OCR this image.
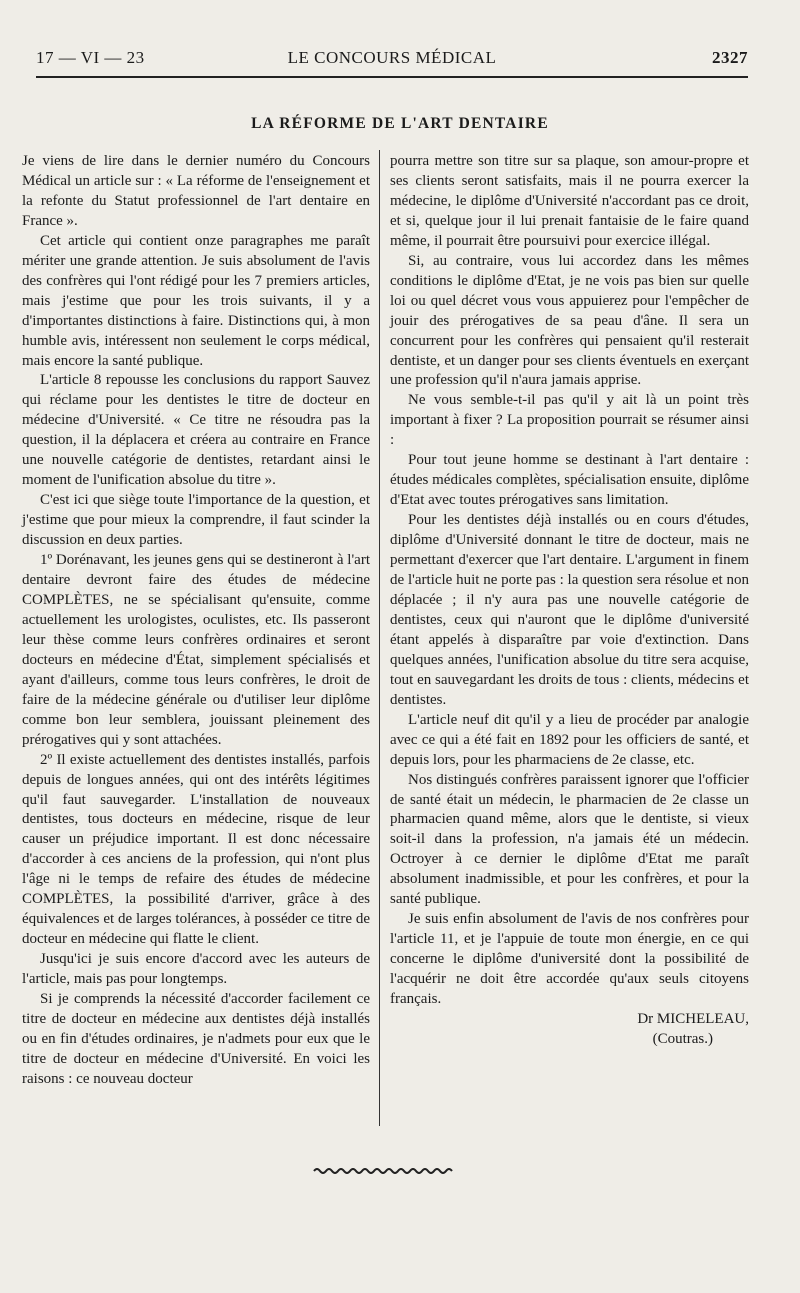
17 — VI — 23	LE CONCOURS MÉDICAL	2327
LA RÉFORME DE L'ART DENTAIRE

Je viens de lire dans le dernier numéro du Concours Médical un article sur : « La réforme de l'enseignement et la refonte du Statut professionnel de l'art dentaire en France ».

Cet article qui contient onze paragraphes me paraît mériter une grande attention. Je suis absolument de l'avis des confrères qui l'ont rédigé pour les 7 premiers articles, mais j'estime que pour les trois suivants, il y a d'importantes distinctions à faire. Distinctions qui, à mon humble avis, intéressent non seulement le corps médical, mais encore la santé publique.

L'article 8 repousse les conclusions du rapport Sauvez qui réclame pour les dentistes le titre de docteur en médecine d'Université. « Ce titre ne résoudra pas la question, il la déplacera et créera au contraire en France une nouvelle catégorie de dentistes, retardant ainsi le moment de l'unification absolue du titre ».

C'est ici que siège toute l'importance de la question, et j'estime que pour mieux la comprendre, il faut scinder la discussion en deux parties.

1º Dorénavant, les jeunes gens qui se destineront à l'art dentaire devront faire des études de médecine COMPLÈTES, ne se spécialisant qu'ensuite, comme actuellement les urologistes, oculistes, etc. Ils passeront leur thèse comme leurs confrères ordinaires et seront docteurs en médecine d'État, simplement spécialisés et ayant d'ailleurs, comme tous leurs confrères, le droit de faire de la médecine générale ou d'utiliser leur diplôme comme bon leur semblera, jouissant pleinement des prérogatives qui y sont attachées.

2º Il existe actuellement des dentistes installés, parfois depuis de longues années, qui ont des intérêts légitimes qu'il faut sauvegarder. L'installation de nouveaux dentistes, tous docteurs en médecine, risque de leur causer un préjudice important. Il est donc nécessaire d'accorder à ces anciens de la profession, qui n'ont plus l'âge ni le temps de refaire des études de médecine COMPLÈTES, la possibilité d'arriver, grâce à des équivalences et de larges tolérances, à posséder ce titre de docteur en médecine qui flatte le client.

Jusqu'ici je suis encore d'accord avec les auteurs de l'article, mais pas pour longtemps.

Si je comprends la nécessité d'accorder facilement ce titre de docteur en médecine aux dentistes déjà installés ou en fin d'études ordinaires, je n'admets pour eux que le titre de docteur en médecine d'Université. En voici les raisons : ce nouveau docteur

pourra mettre son titre sur sa plaque, son amour-propre et ses clients seront satisfaits, mais il ne pourra exercer la médecine, le diplôme d'Université n'accordant pas ce droit, et si, quelque jour il lui prenait fantaisie de le faire quand même, il pourrait être poursuivi pour exercice illégal.

Si, au contraire, vous lui accordez dans les mêmes conditions le diplôme d'Etat, je ne vois pas bien sur quelle loi ou quel décret vous vous appuierez pour l'empêcher de jouir des prérogatives de sa peau d'âne. Il sera un concurrent pour les confrères qui pensaient qu'il resterait dentiste, et un danger pour ses clients éventuels en exerçant une profession qu'il n'aura jamais apprise.

Ne vous semble-t-il pas qu'il y ait là un point très important à fixer ? La proposition pourrait se résumer ainsi :

Pour tout jeune homme se destinant à l'art dentaire : études médicales complètes, spécialisation ensuite, diplôme d'Etat avec toutes prérogatives sans limitation.

Pour les dentistes déjà installés ou en cours d'études, diplôme d'Université donnant le titre de docteur, mais ne permettant d'exercer que l'art dentaire. L'argument in finem de l'article huit ne porte pas : la question sera résolue et non déplacée ; il n'y aura pas une nouvelle catégorie de dentistes, ceux qui n'auront que le diplôme d'université étant appelés à disparaître par voie d'extinction. Dans quelques années, l'unification absolue du titre sera acquise, tout en sauvegardant les droits de tous : clients, médecins et dentistes.

L'article neuf dit qu'il y a lieu de procéder par analogie avec ce qui a été fait en 1892 pour les officiers de santé, et depuis lors, pour les pharmaciens de 2e classe, etc.

Nos distingués confrères paraissent ignorer que l'officier de santé était un médecin, le pharmacien de 2e classe un pharmacien quand même, alors que le dentiste, si vieux soit-il dans la profession, n'a jamais été un médecin. Octroyer à ce dernier le diplôme d'Etat me paraît absolument inadmissible, et pour les confrères, et pour la santé publique.

Je suis enfin absolument de l'avis de nos confrères pour l'article 11, et je l'appuie de toute mon énergie, en ce qui concerne le diplôme d'université dont la possibilité de l'acquérir ne doit être accordée qu'aux seuls citoyens français.

Dr MICHELEAU,

(Coutras.)
